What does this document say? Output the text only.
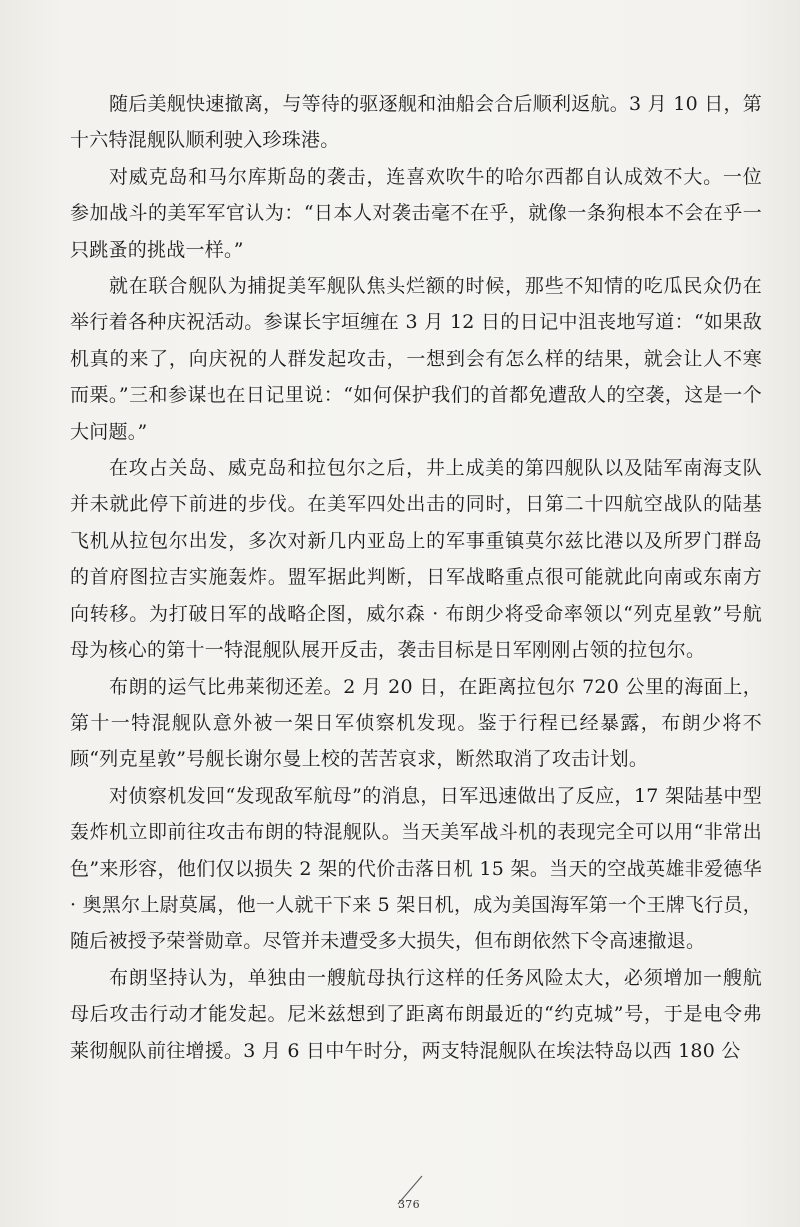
随后美舰快速撤离，与等待的驱逐舰和油船会合后顺利返航。3 月 10 日，第十六特混舰队顺利驶入珍珠港。

对威克岛和马尔库斯岛的袭击，连喜欢吹牛的哈尔西都自认成效不大。一位参加战斗的美军军官认为：“日本人对袭击毫不在乎，就像一条狗根本不会在乎一只跳蚤的挑战一样。”

就在联合舰队为捕捉美军舰队焦头烂额的时候，那些不知情的吃瓜民众仍在举行着各种庆祝活动。参谋长宇垣缠在 3 月 12 日的日记中沮丧地写道：“如果敌机真的来了，向庆祝的人群发起攻击，一想到会有怎么样的结果，就会让人不寒而栗。”三和参谋也在日记里说：“如何保护我们的首都免遭敌人的空袭，这是一个大问题。”

在攻占关岛、威克岛和拉包尔之后，井上成美的第四舰队以及陆军南海支队并未就此停下前进的步伐。在美军四处出击的同时，日第二十四航空战队的陆基飞机从拉包尔出发，多次对新几内亚岛上的军事重镇莫尔兹比港以及所罗门群岛的首府图拉吉实施轰炸。盟军据此判断，日军战略重点很可能就此向南或东南方向转移。为打破日军的战略企图，威尔森 · 布朗少将受命率领以“列克星敦”号航母为核心的第十一特混舰队展开反击，袭击目标是日军刚刚占领的拉包尔。

布朗的运气比弗莱彻还差。2 月 20 日，在距离拉包尔 720 公里的海面上，第十一特混舰队意外被一架日军侦察机发现。鉴于行程已经暴露，布朗少将不顾“列克星敦”号舰长谢尔曼上校的苦苦哀求，断然取消了攻击计划。

对侦察机发回“发现敌军航母”的消息，日军迅速做出了反应，17 架陆基中型轰炸机立即前往攻击布朗的特混舰队。当天美军战斗机的表现完全可以用“非常出色”来形容，他们仅以损失 2 架的代价击落日机 15 架。当天的空战英雄非爱德华 · 奥黑尔上尉莫属，他一人就干下来 5 架日机，成为美国海军第一个王牌飞行员，随后被授予荣誉勋章。尽管并未遭受多大损失，但布朗依然下令高速撤退。

布朗坚持认为，单独由一艘航母执行这样的任务风险太大，必须增加一艘航母后攻击行动才能发起。尼米兹想到了距离布朗最近的“约克城”号，于是电令弗莱彻舰队前往增援。3 月 6 日中午时分，两支特混舰队在埃法特岛以西 180 公

376
